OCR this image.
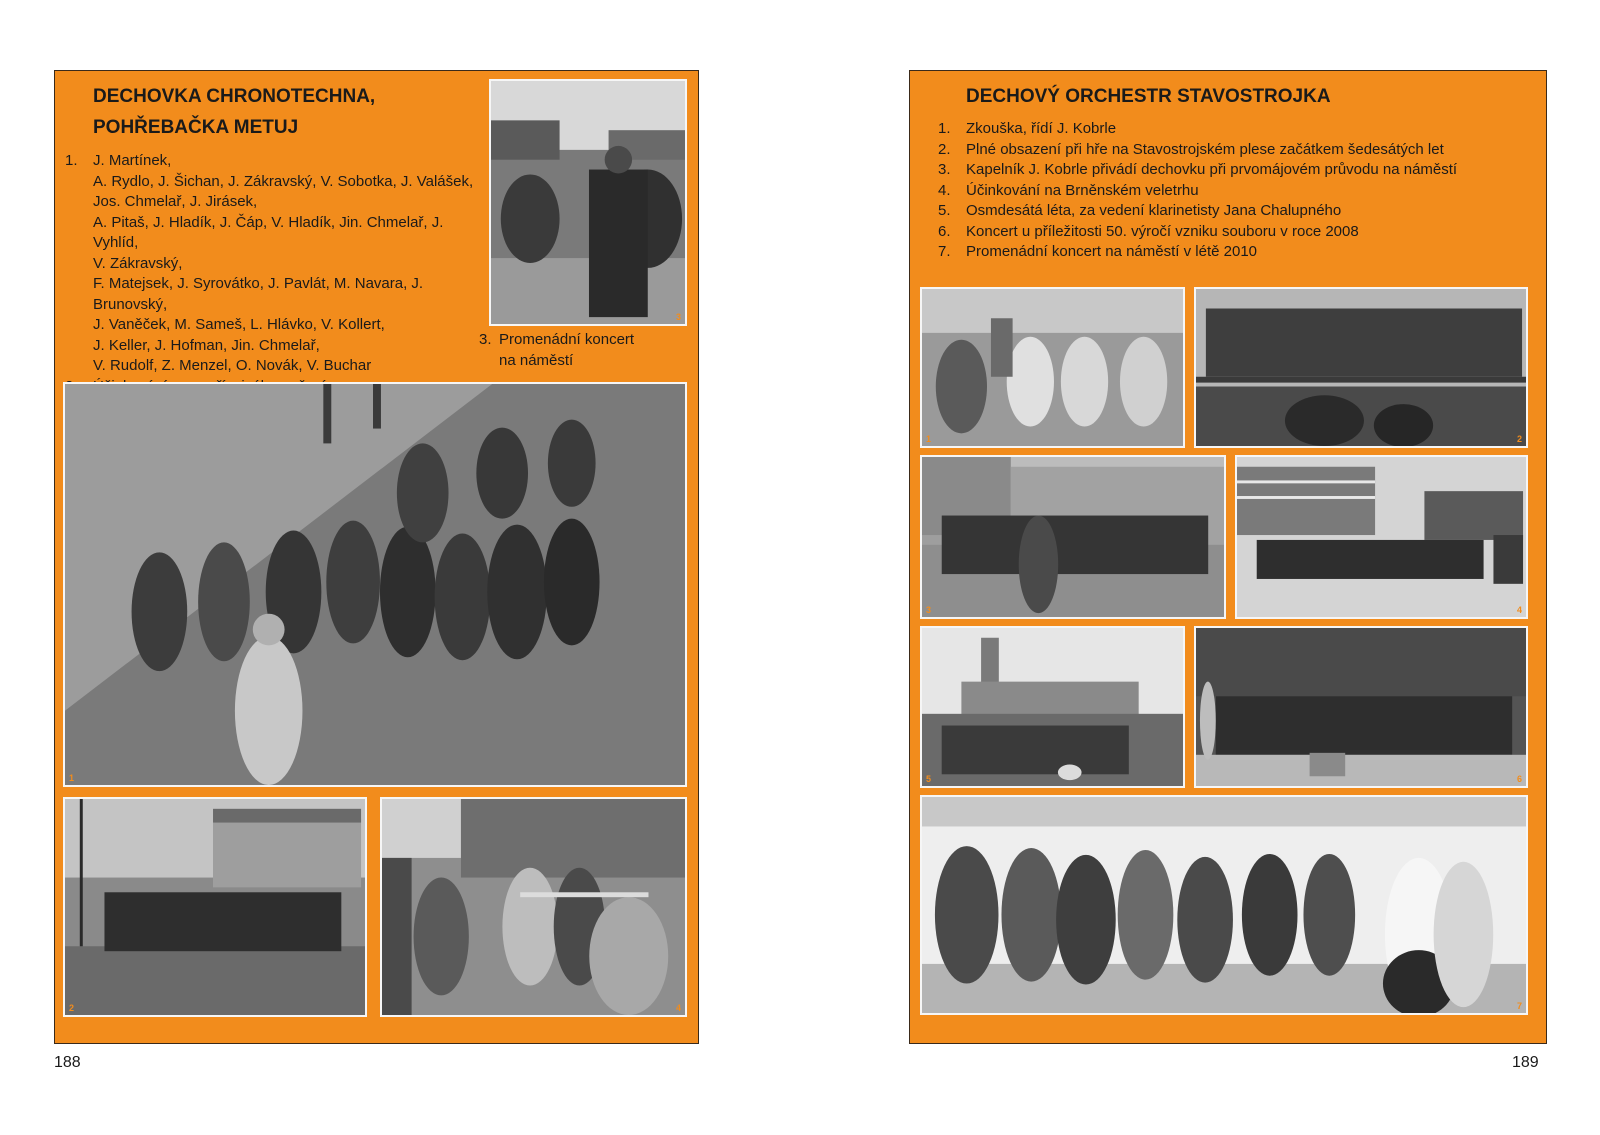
DECHOVKA CHRONOTECHNA,
POHŘEBAČKA METUJ
1. J. Martínek,
A. Rydlo, J. Šichan, J. Zákravský, V. Sobotka, J. Valášek,
Jos. Chmelař, J. Jirásek,
A. Pitaš, J. Hladík, J. Čáp, V. Hladík, Jin. Chmelař, J. Vyhlíd,
V. Zákravský,
F. Matejsek, J. Syrovátko, J. Pavlát, M. Navara, J. Brunovský,
J. Vaněček, M. Sameš, L. Hlávko, V. Kollert,
J. Keller, J. Hofman, Jin. Chmelař,
V. Rudolf, Z. Menzel, O. Novák, V. Buchar
3
3. Promenádní koncert
na náměstí
1
2	4
188
DECHOVÝ ORCHESTR STAVOSTROJKA
1. Zkouška, řídí J. Kobrle
2. Plné obsazení při hře na Stavostrojském plese začátkem šedesátých let
3. Kapelník J. Kobrle přivádí dechovku při prvomájovém průvodu na náměstí
4. Účinkování na Brněnském veletrhu
5. Osmdesátá léta, za vedení klarinetisty Jana Chalupného
6. Koncert u příležitosti 50. výročí vzniku souboru v roce 2008
7. Promenádní koncert na náměstí v létě 2010
1	2
3	4
5	6
7
189
